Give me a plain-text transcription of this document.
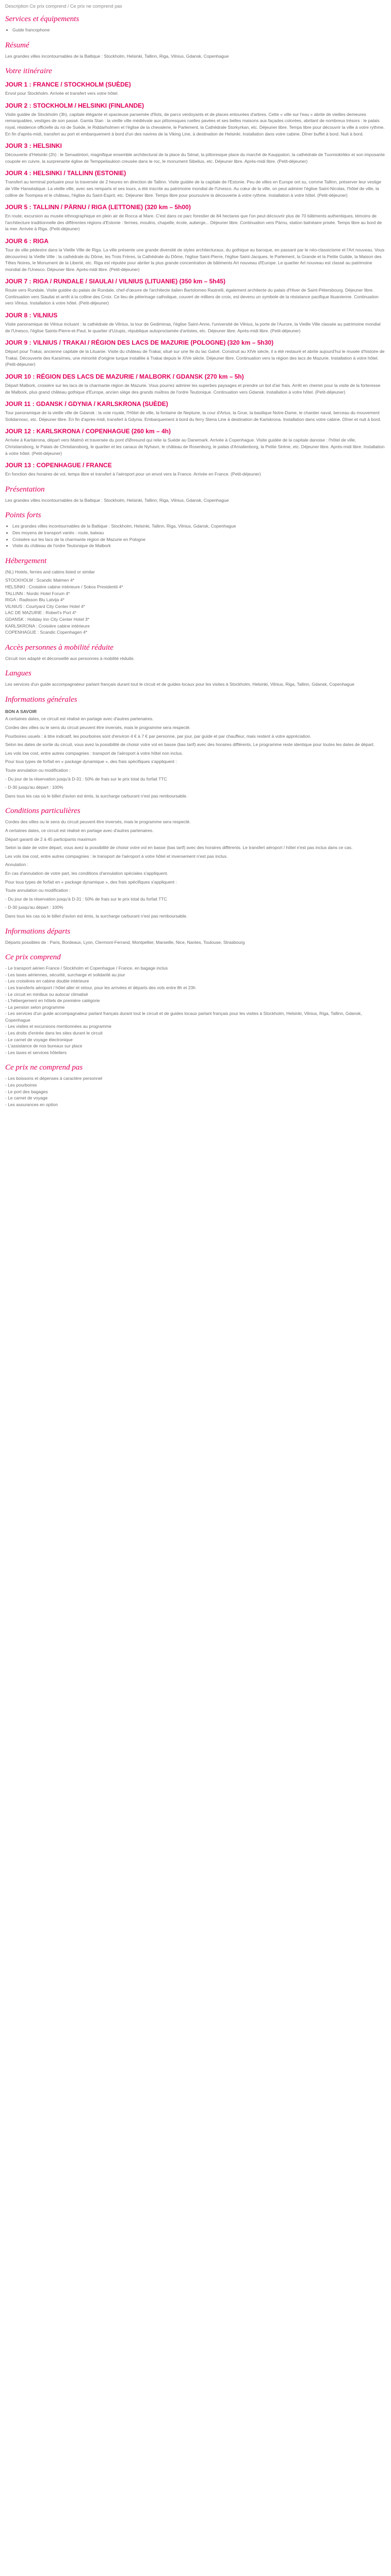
Description Ce prix comprend / Ce prix ne comprend pas
Services et équipements
• Guide francophone
Résumé

Les grandes villes incontournables de la Baltique : Stockholm, Helsinki, Tallinn, Riga, Vilnius, Gdansk, Copenhague

Votre itinéraire
JOUR 1 : FRANCE / STOCKHOLM (SUÈDE)

Envol pour Stockholm. Arrivée et transfert vers votre hôtel.

JOUR 2 : STOCKHOLM / HELSINKI (FINLANDE)

Visite guidée de Stockholm (3h), capitale élégante et spacieuse parsemée d'îlots, de parcs verdoyants et de places entourées d'arbres. Cette « ville sur l'eau » abrite de vieilles demeures remarquables, vestiges de son passé. Gamla Stan : la vieille ville médiévale aux pittoresques ruelles pavées et ses belles maisons aux façades colorées, abritant de nombreux trésors : le palais royal, résidence officielle du roi de Suède, le Riddarholmen et l'église de la chevalerie, le Parlement, la Cathédrale Storkyrkan, etc. Déjeuner libre. Temps libre pour découvrir la ville à votre rythme. En fin d'après-midi, transfert au port et embarquement à bord d'un des navires de la Viking Line, à destination de Helsinki. Installation dans votre cabine. Dîner buffet à bord. Nuit à bord.

JOUR 3 : HELSINKI

Découverte d'Helsinki (2h) : le Senaatintori, magnifique ensemble architectural de la place du Sénat, la pittoresque place du marché de Kauppatori, la cathédrale de Tuomiokirkko et son imposante coupole en cuivre, la surprenante église de Temppeliaukion creusée dans le roc, le monument Sibelius, etc. Déjeuner libre. Après-midi libre. (Petit-déjeuner)

JOUR 4 : HELSINKI / TALLINN (ESTONIE)

Transfert au terminal portuaire pour la traversée de 2 heures en direction de Tallinn. Visite guidée de la capitale de l'Estonie. Peu de villes en Europe ont su, comme Tallinn, préserver leur vestige de Ville Hanséatique. La vieille ville, avec ses remparts et ses tours, a été inscrite au patrimoine mondial de l'Unesco. Au cœur de la ville, on peut admirer l'église Saint-Nicolas, l'hôtel de ville, la colline de Toompea et le château, l'église du Saint-Esprit, etc. Déjeuner libre. Temps libre pour poursuivre la découverte à votre rythme. Installation à votre hôtel. (Petit-déjeuner)

JOUR 5 : TALLINN / PÄRNU / RIGA (LETTONIE) (320 km – 5h00)

En route, excursion au musée ethnographique en plein air de Rocca al Mare. C'est dans ce parc forestier de 84 hectares que l'on peut découvrir plus de 70 bâtiments authentiques, témoins de l'architecture traditionnelle des différentes régions d'Estonie : fermes, moulins, chapelle, école, auberge... Déjeuner libre. Continuation vers Pärnu, station balnéaire prisée. Temps libre au bord de la mer. Arrivée à Riga. (Petit-déjeuner)

JOUR 6 : RIGA

Tour de ville pédestre dans la Vieille Ville de Riga. La ville présente une grande diversité de styles architecturaux, du gothique au baroque, en passant par le néo-classicisme et l'Art nouveau. Vous découvrirez la Vieille Ville : la cathédrale du Dôme, les Trois Frères, la Cathédrale du Dôme, l'église Saint-Pierre, l'église Saint-Jacques, le Parlement, la Grande et la Petite Guilde, la Maison des Têtes Noires, le Monument de la Liberté, etc. Riga est réputée pour abriter la plus grande concentration de bâtiments Art nouveau d'Europe. Le quartier Art nouveau est classé au patrimoine mondial de l'Unesco. Déjeuner libre. Après-midi libre. (Petit-déjeuner)

JOUR 7 : RIGA / RUNDALE / SIAULAI / VILNIUS (LITUANIE) (350 km – 5h45)

Route vers Rundale. Visite guidée du palais de Rundale, chef-d'œuvre de l'architecte italien Bartolomeo Rastrelli, également architecte du palais d'Hiver de Saint-Pétersbourg. Déjeuner libre. Continuation vers Siauliai et arrêt à la colline des Croix. Ce lieu de pèlerinage catholique, couvert de milliers de croix, est devenu un symbole de la résistance pacifique lituanienne. Continuation vers Vilnius. Installation à votre hôtel. (Petit-déjeuner)

JOUR 8 : VILNIUS

Visite panoramique de Vilnius incluant : la cathédrale de Vilnius, la tour de Gediminas, l'église Saint-Anne, l'université de Vilnius, la porte de l'Aurore, la Vieille Ville classée au patrimoine mondial de l'Unesco, l'église Saints-Pierre-et-Paul, le quartier d'Uzupis, république autoproclamée d'artistes, etc. Déjeuner libre. Après-midi libre. (Petit-déjeuner)

JOUR 9 : VILNIUS / TRAKAI / RÉGION DES LACS DE MAZURIE (POLOGNE) (320 km – 5h30)

Départ pour Trakai, ancienne capitale de la Lituanie. Visite du château de Trakai, situé sur une île du lac Galvé. Construit au XIVe siècle, il a été restauré et abrite aujourd'hui le musée d'histoire de Trakai. Découverte des Karaïmes, une minorité d'origine turque installée à Trakai depuis le XIVe siècle. Déjeuner libre. Continuation vers la région des lacs de Mazurie. Installation à votre hôtel. (Petit-déjeuner)

JOUR 10 : RÉGION DES LACS DE MAZURIE / MALBORK / GDANSK (270 km – 5h)

Départ Malbork, croisière sur les lacs de la charmante région de Mazurie. Vous pourrez admirer les superbes paysages et prendre un bol d'air frais. Arrêt en chemin pour la visite de la forteresse de Malbork, plus grand château gothique d'Europe, ancien siège des grands maîtres de l'ordre Teutonique. Continuation vers Gdansk. Installation à votre hôtel. (Petit-déjeuner)

JOUR 11 : GDANSK / GDYNIA / KARLSKRONA (SUÈDE)

Tour panoramique de la vieille ville de Gdansk : la voie royale, l'Hôtel de ville, la fontaine de Neptune, la cour d'Artus, la Grue, la basilique Notre-Dame, le chantier naval, berceau du mouvement Solidarnosc, etc. Déjeuner libre. En fin d'après-midi, transfert à Gdynia. Embarquement à bord du ferry Stena Line à destination de Karlskrona. Installation dans votre cabine. Dîner et nuit à bord.

JOUR 12 : KARLSKRONA / COPENHAGUE (260 km – 4h)

Arrivée à Karlskrona, départ vers Malmö et traversée du pont d'Øresund qui relie la Suède au Danemark. Arrivée à Copenhague. Visite guidée de la capitale danoise : l'hôtel de ville, Christiansborg, le Palais de Christiansborg, le quartier et les canaux de Nyhavn, le château de Rosenborg, le palais d'Amalienborg, la Petite Sirène, etc. Déjeuner libre. Après-midi libre. Installation à votre hôtel. (Petit-déjeuner)

JOUR 13 : COPENHAGUE / FRANCE

En fonction des horaires de vol, temps libre et transfert à l'aéroport pour un envol vers la France. Arrivée en France. (Petit-déjeuner)

Présentation

Les grandes villes incontournables de la Baltique : Stockholm, Helsinki, Tallinn, Riga, Vilnius, Gdansk, Copenhague

Points forts
• Les grandes villes incontournables de la Baltique : Stockholm, Helsinki, Tallinn, Riga, Vilnius, Gdansk, Copenhague
• Des moyens de transport variés : route, bateau
• Croisière sur les lacs de la charmante région de Mazurie en Pologne
• Visite du château de l'ordre Teutonique de Malbork
Hébergement

(NL) Hotels, ferries and cabins listed or similar

STOCKHOLM : Scandic Malmen 4*
HELSINKI : Croisière cabine intérieure / Sokos Presidentti 4*
TALLINN : Nordic Hotel Forum 4*
RIGA : Radisson Blu Latvija 4*
VILNIUS : Courtyard City Center Hotel 4*
LAC DE MAZURIE : Robert's Port 4*
GDANSK : Holiday Inn City Center Hotel 3*
KARLSKRONA : Croisière cabine intérieure
COPENHAGUE : Scandic Copenhagen 4*
Accès personnes à mobilité réduite

Circuit non adapté et déconseillé aux personnes à mobilité réduite.

Langues

Les services d'un guide accompagnateur parlant français durant tout le circuit et de guides locaux pour les visites à Stockholm, Helsinki, Vilnius, Riga, Tallinn, Gdansk, Copenhague

Informations générales
BON A SAVOIR

A certaines dates, ce circuit est réalisé en partage avec d'autres partenaires.

Cordes des villes ou le sens du circuit peuvent être inversés, mais le programme sera respecté.

Pourboires usuels : à titre indicatif, les pourboires sont d'environ 4 € à 7 € par personne, par jour, par guide et par chauffeur, mais restent à votre appréciation.

Selon les dates de sortie du circuit, vous avez la possibilité de choisir votre vol en basse (bas tarif) avec des horaires différents. Le programme reste identique pour toutes les dates de départ.

Les vols low cost, entre autres compagnies : transport de l'aéroport à votre hôtel non inclus.

Pour tous types de forfait en « package dynamique », des frais spécifiques s'appliquent :

Toute annulation ou modification :

- Du jour de la réservation jusqu'à D-31 : 50% de frais sur le prix total du forfait TTC

- D-30 jusqu'au départ : 100%

Dans tous les cas où le billet d'avion est émis, la surcharge carburant n'est pas remboursable.

Conditions particulières

Cordes des villes ou le sens du circuit peuvent être inversés, mais le programme sera respecté.

A certaines dates, ce circuit est réalisé en partage avec d'autres partenaires.

Départ garanti de 2 à 45 participants maximum

Selon la date de votre départ, vous avez la possibilité de choisir votre vol en basse (bas tarif) avec des horaires différents. Le transfert aéroport / hôtel n'est pas inclus dans ce cas.

Les vols low cost, entre autres compagnies : le transport de l'aéroport à votre hôtel et inversement n'est pas inclus.

Annulation :

En cas d'annulation de votre part, les conditions d'annulation spéciales s'appliquent.

Pour tous types de forfait en « package dynamique », des frais spécifiques s'appliquent :

Toute annulation ou modification :

- Du jour de la réservation jusqu'à D-31 : 50% de frais sur le prix total du forfait TTC

- D-30 jusqu'au départ : 100%

Dans tous les cas où le billet d'avion est émis, la surcharge carburant n'est pas remboursable.

Informations départs

Départs possibles de : Paris, Bordeaux, Lyon, Clermont-Ferrand, Montpellier, Marseille, Nice, Nantes, Toulouse, Strasbourg

Ce prix comprend
- Le transport aérien France / Stockholm et Copenhague / France, en bagage inclus
- Les taxes aériennes, sécurité, surcharge et solidarité au jour
- Les croisières en cabine double intérieure
- Les transferts aéroport / hôtel aller et retour, pour les arrivées et départs des vols entre 8h et 23h
- Le circuit en minibus ou autocar climatisé
- L'hébergement en hôtels de première catégorie
- La pension selon programme
- Les services d'un guide accompagnateur parlant français durant tout le circuit et de guides locaux parlant français pour les visites à Stockholm, Helsinki, Vilnius, Riga, Tallinn, Gdansk, Copenhague
- Les visites et excursions mentionnées au programme
- Les droits d'entrée dans les sites durant le circuit
- Le carnet de voyage électronique
- L'assistance de nos bureaux sur place
- Les taxes et services hôteliers
Ce prix ne comprend pas
- Les boissons et dépenses à caractère personnel
- Les pourboires
- Le port des bagages
- Le carnet de voyage
- Les assurances en option
